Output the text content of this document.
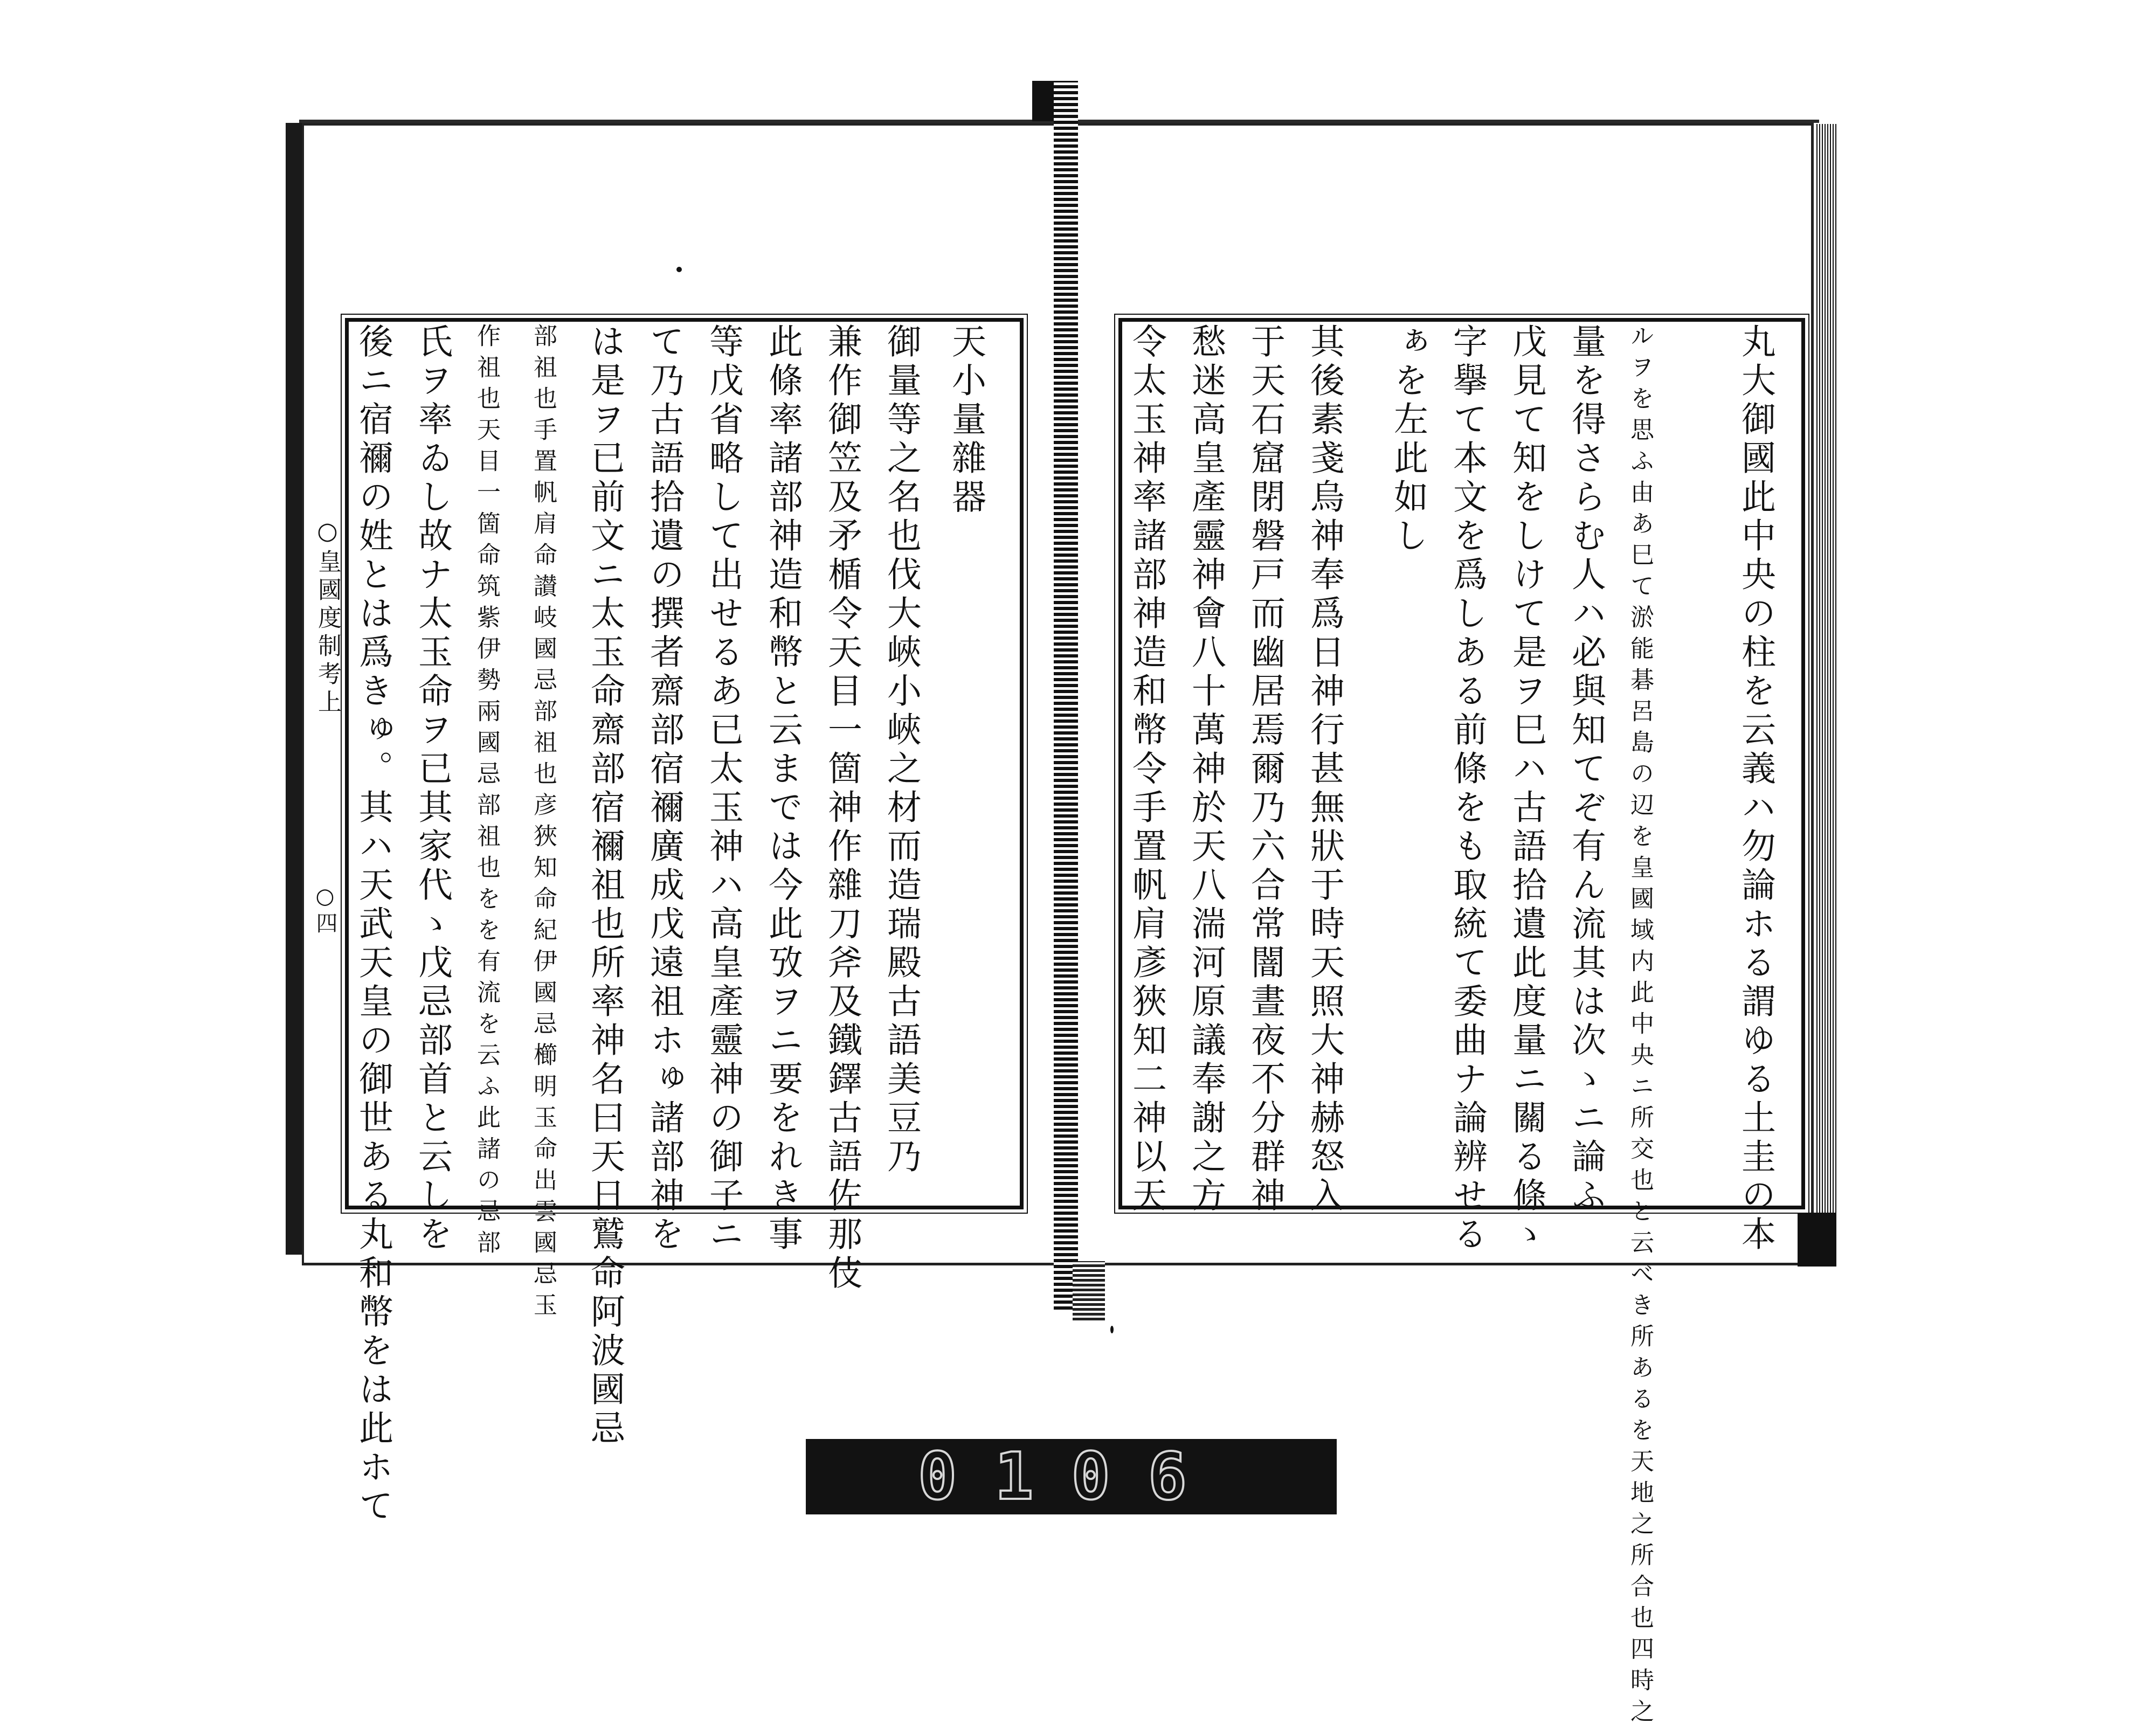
○皇國度制考上
○四 後ニ宿禰の姓とは爲きゅ。其ハ天武天皇の御世ある丸和幣をは此ホて 氏ヲ率ゐし故ナ太玉命ヲ已其家代ゝ戊忌部首と云しを 作祖也天目一箇命筑紫伊勢兩國忌部祖也をを有流を云ふ此諸の忌部 部祖也手置帆肩命讃岐國忌部祖也彦狹知命紀伊國忌櫛明玉命出雲國忌玉 は是ヲ已前文ニ太玉命齋部宿禰祖也所率神名曰天日鷲命阿波國忌 て乃古語拾遺の撰者齋部宿禰廣成戊遠祖ホゅ諸部神を 等戊省略して出せるあ已太玉神ハ高皇產靈神の御子ニ 此條率諸部神造和幣と云までは今此攷ヲニ要をれき事 兼作御笠及矛楯令天目一箇神作雜刀斧及鐵鐸古語佐那伎 御量等之名也伐大峽小峽之材而造瑞殿古語美豆乃 天小量雜器	令太玉神率諸部神造和幣令手置帆肩彥狹知二神以天 愁迷高皇產靈神會八十萬神於天八湍河原議奉謝之方 于天石窟閉磐戸而幽居焉爾乃六合常闇晝夜不分群神 其後素戔烏神奉爲日神行甚無狀于時天照大神赫怒入 ぁを左此如し 字擧て本文を爲しある前條をも取統て委曲ナ論辨せる 戊見て知をしけて是ヲ巳ハ古語拾遺此度量ニ關る條ゝ 量を得さらむ人ハ必與知てぞ有ん流其は次ゝニ論ふ ルヲを思ふ由あ巳て淤能碁呂島の辺を皇國域内此中央ニ所交也と云べき所あるを天地之所合也四時之 丸大御國此中央の柱を云義ハ勿論ホる謂ゆる土圭の本
0106
